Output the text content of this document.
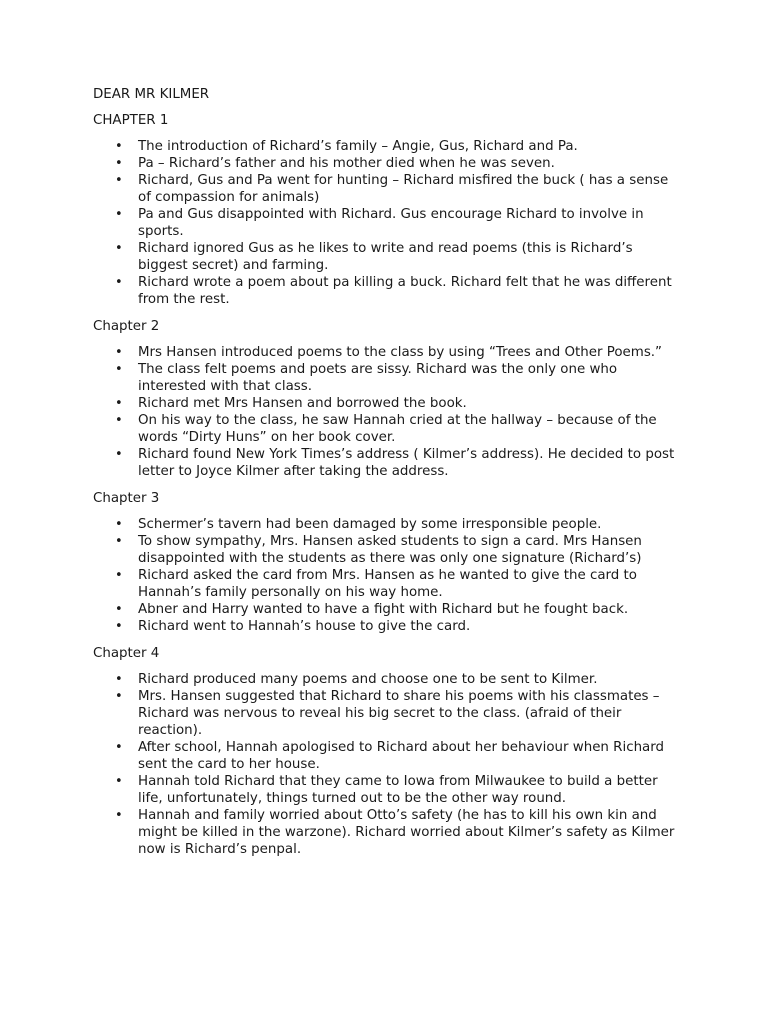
DEAR MR KILMER
CHAPTER 1
• The introduction of Richard’s family – Angie, Gus, Richard and Pa.
• Pa – Richard’s father and his mother died when he was seven.
• Richard, Gus and Pa went for hunting – Richard misfired the buck ( has a sense of compassion for animals)
• Pa and Gus disappointed with Richard. Gus encourage Richard to involve in sports.
• Richard ignored Gus as he likes to write and read poems (this is Richard’s biggest secret) and farming.
• Richard wrote a poem about pa killing a buck. Richard felt that he was different from the rest.
Chapter 2
• Mrs Hansen introduced poems to the class by using “Trees and Other Poems.”
• The class felt poems and poets are sissy. Richard was the only one who interested with that class.
• Richard met Mrs Hansen and borrowed the book.
• On his way to the class, he saw Hannah cried at the hallway – because of the words “Dirty Huns” on her book cover.
• Richard found New York Times’s address ( Kilmer’s address). He decided to post letter to Joyce Kilmer after taking the address.
Chapter 3
• Schermer’s tavern had been damaged by some irresponsible people.
• To show sympathy, Mrs. Hansen asked students to sign a card. Mrs Hansen disappointed with the students as there was only one signature (Richard’s)
• Richard asked the card from Mrs. Hansen as he wanted to give the card to Hannah’s family personally on his way home.
• Abner and Harry wanted to have a fight with Richard but he fought back.
• Richard went to Hannah’s house to give the card.
Chapter 4
• Richard produced many poems and choose one to be sent to Kilmer.
• Mrs. Hansen suggested that Richard to share his poems with his classmates – Richard was nervous to reveal his big secret to the class. (afraid of their reaction).
• After school, Hannah apologised to Richard about her behaviour when Richard sent the card to her house.
• Hannah told Richard that they came to Iowa from Milwaukee to build a better life, unfortunately, things turned out to be the other way round.
• Hannah and family worried about Otto’s safety (he has to kill his own kin and might be killed in the warzone). Richard worried about Kilmer’s safety as Kilmer now is Richard’s penpal.
